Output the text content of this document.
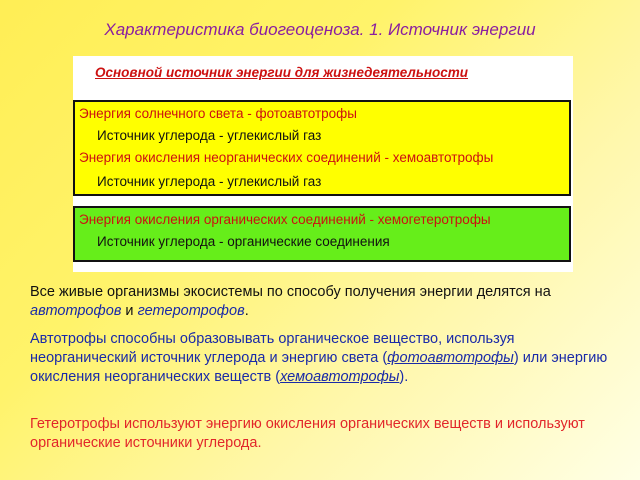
Характеристика биогеоценоза. 1. Источник энергии
Основной источник энергии для жизнедеятельности
Энергия солнечного света - фотоавтотрофы
Источник углерода - углекислый газ
Энергия окисления неорганических соединений - хемоавтотрофы
Источник углерода - углекислый газ
Энергия окисления органических соединений - хемогетеротрофы
Источник углерода - органические соединения
Все живые организмы экосистемы по способу получения энергии делятся на автотрофов и гетеротрофов.
Автотрофы способны образовывать органическое вещество, используя неорганический источник углерода и энергию света (фотоавтотрофы) или энергию окисления неорганических веществ (хемоавтотрофы).
Гетеротрофы используют энергию окисления органических веществ и используют органические источники углерода.
